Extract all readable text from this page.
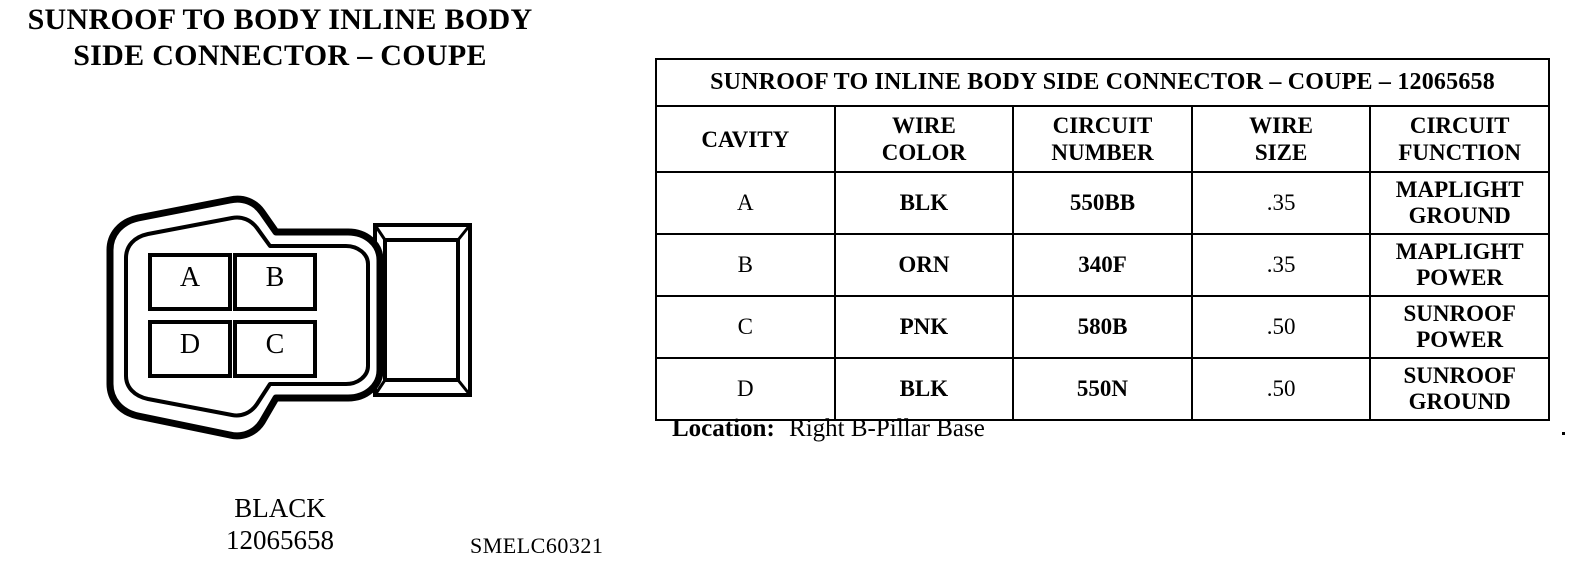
SUNROOF TO BODY INLINE BODY SIDE CONNECTOR – COUPE
A	B
D	C
BLACK
12065658	SMELC60321
SUNROOF TO INLINE BODY SIDE CONNECTOR – COUPE – 12065658				

CAVITY

WIRE
COLOR

CIRCUIT
NUMBER

WIRE
SIZE

CIRCUIT FUNCTION

A	BLK	550BB	.35	MAPLIGHT GROUND
B	ORN	340F	.35	MAPLIGHT POWER
C	PNK	580B	.50	SUNROOF POWER
D	BLK	550N	.50	SUNROOF GROUND
Location: Right B-Pillar Base
